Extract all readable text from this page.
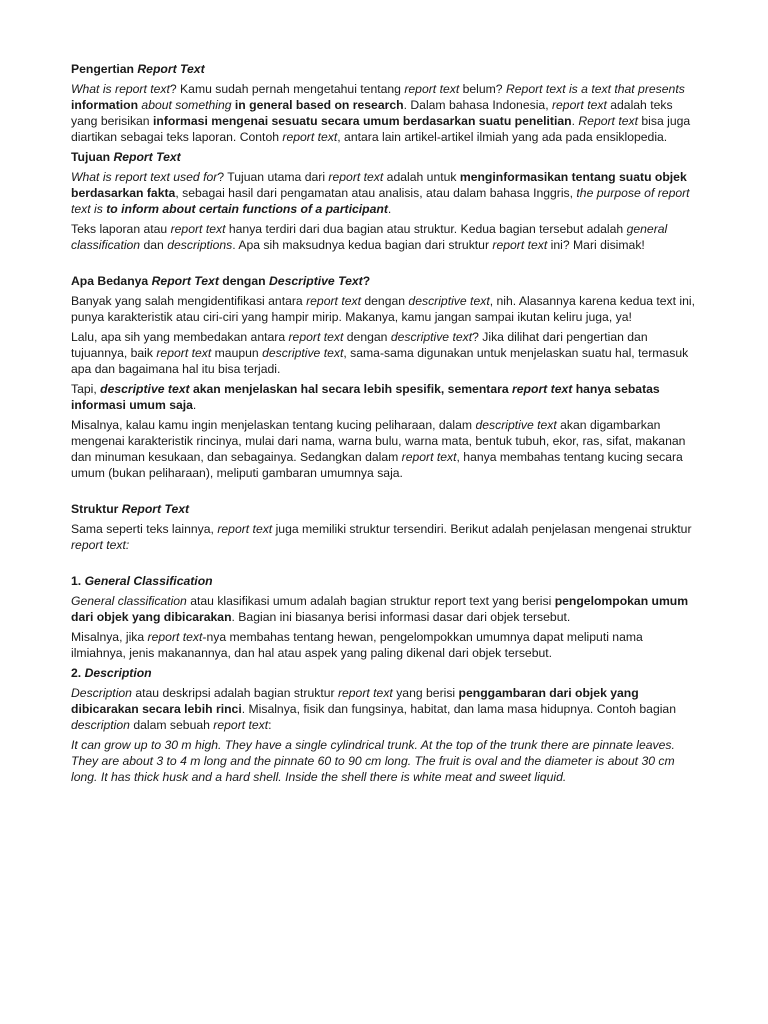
Pengertian Report Text
What is report text? Kamu sudah pernah mengetahui tentang report text belum? Report text is a text that presents information about something in general based on research. Dalam bahasa Indonesia, report text adalah teks yang berisikan informasi mengenai sesuatu secara umum berdasarkan suatu penelitian. Report text bisa juga diartikan sebagai teks laporan. Contoh report text, antara lain artikel-artikel ilmiah yang ada pada ensiklopedia.
Tujuan Report Text
What is report text used for? Tujuan utama dari report text adalah untuk menginformasikan tentang suatu objek berdasarkan fakta, sebagai hasil dari pengamatan atau analisis, atau dalam bahasa Inggris, the purpose of report text is to inform about certain functions of a participant.
Teks laporan atau report text hanya terdiri dari dua bagian atau struktur. Kedua bagian tersebut adalah general classification dan descriptions. Apa sih maksudnya kedua bagian dari struktur report text ini? Mari disimak!
Apa Bedanya Report Text dengan Descriptive Text?
Banyak yang salah mengidentifikasi antara report text dengan descriptive text, nih. Alasannya karena kedua text ini, punya karakteristik atau ciri-ciri yang hampir mirip. Makanya, kamu jangan sampai ikutan keliru juga, ya!
Lalu, apa sih yang membedakan antara report text dengan descriptive text? Jika dilihat dari pengertian dan tujuannya, baik report text maupun descriptive text, sama-sama digunakan untuk menjelaskan suatu hal, termasuk apa dan bagaimana hal itu bisa terjadi.
Tapi, descriptive text akan menjelaskan hal secara lebih spesifik, sementara report text hanya sebatas informasi umum saja.
Misalnya, kalau kamu ingin menjelaskan tentang kucing peliharaan, dalam descriptive text akan digambarkan mengenai karakteristik rincinya, mulai dari nama, warna bulu, warna mata, bentuk tubuh, ekor, ras, sifat, makanan dan minuman kesukaan, dan sebagainya. Sedangkan dalam report text, hanya membahas tentang kucing secara umum (bukan peliharaan), meliputi gambaran umumnya saja.
Struktur Report Text
Sama seperti teks lainnya, report text juga memiliki struktur tersendiri. Berikut adalah penjelasan mengenai struktur report text:
1. General Classification
General classification atau klasifikasi umum adalah bagian struktur report text yang berisi pengelompokan umum dari objek yang dibicarakan. Bagian ini biasanya berisi informasi dasar dari objek tersebut.
Misalnya, jika report text-nya membahas tentang hewan, pengelompokkan umumnya dapat meliputi nama ilmiahnya, jenis makanannya, dan hal atau aspek yang paling dikenal dari objek tersebut.
2. Description
Description atau deskripsi adalah bagian struktur report text yang berisi penggambaran dari objek yang dibicarakan secara lebih rinci. Misalnya, fisik dan fungsinya, habitat, dan lama masa hidupnya. Contoh bagian description dalam sebuah report text:
It can grow up to 30 m high. They have a single cylindrical trunk. At the top of the trunk there are pinnate leaves. They are about 3 to 4 m long and the pinnate 60 to 90 cm long. The fruit is oval and the diameter is about 30 cm long. It has thick husk and a hard shell. Inside the shell there is white meat and sweet liquid.
